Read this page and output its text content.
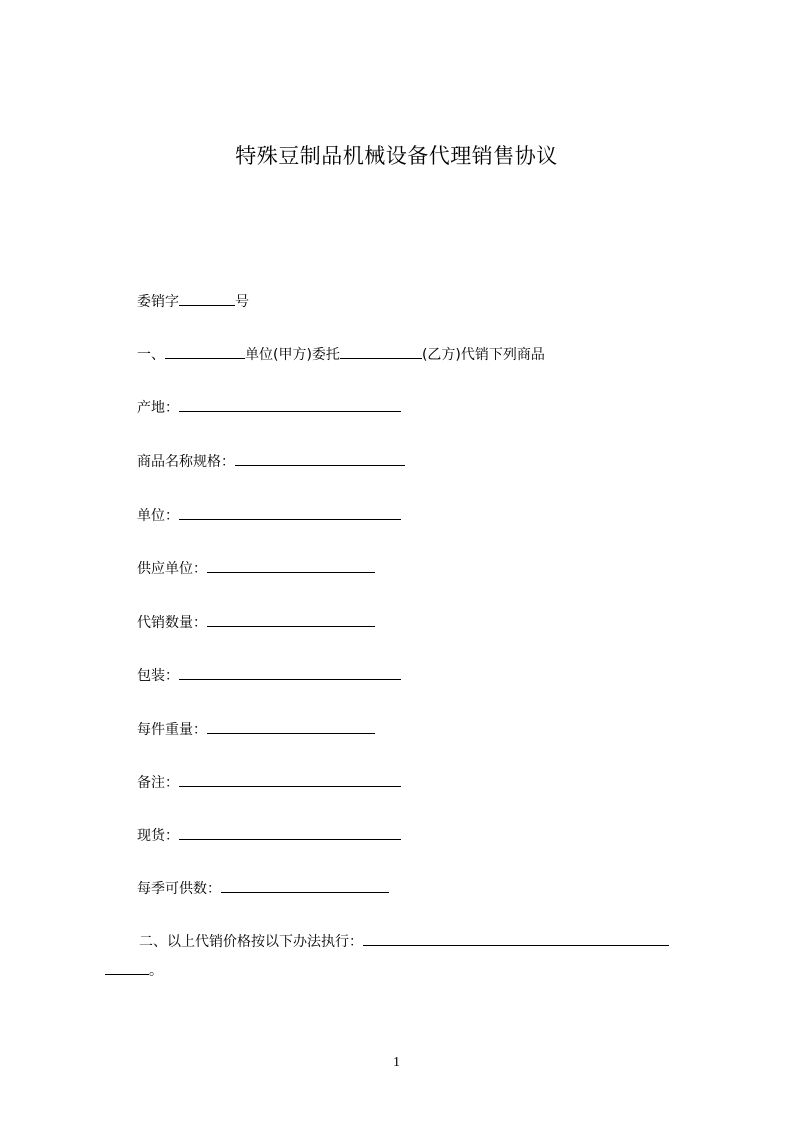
特殊豆制品机械设备代理销售协议
委销字	号
一、	单位(甲方)委托	(乙方)代销下列商品
产地：
商品名称规格：
单位：
供应单位：
代销数量：
包装：
每件重量：
备注：
现货：
每季可供数：
二、以上代销价格按以下办法执行：
。
1
